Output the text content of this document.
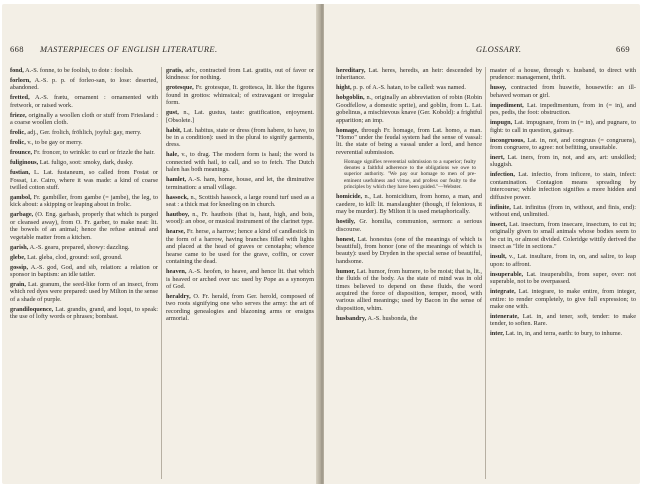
668 MASTERPIECES OF ENGLISH LITERATURE.
fond, A.-S. fonne, to be foolish, to dote : foolish.
forlorn, A.-S. p. p. of forleo-san, to lose: deserted, abandoned.
fretted, A.-S. frætu, ornament : ornamented with fretwork, or raised work.
frieze, originally a woollen cloth or stuff from Friesland : a coarse woollen cloth.
frolic, adj., Ger. frolich, fröhlich, joyful: gay, merry.
frolic, v., to be gay or merry.
frounce, Fr. froncer, to wrinkle: to curl or frizzle the hair.
fuliginous, Lat. fuligo, soot: smoky, dark, dusky.
fustian, L. Lat. fustaneum, so called from Fostat or Fossat, i.e. Cairo, where it was made: a kind of coarse twilled cotton stuff.
gambol, Fr. gambiller, from gambe (= jambe), the leg, to kick about: a skipping or leaping about in frolic.
garbage, (O. Eng. garbash, properly that which is purged or cleansed away), from O. Fr. garber, to make neat: lit. the bowels of an animal; hence the refuse animal and vegetable matter from a kitchen.
garish, A.-S. gearu, prepared, showy: dazzling.
glebe, Lat. gleba, clod, ground: soil, ground.
gossip, A.-S. god, God, and sib, relation: a relation or sponsor in baptism: an idle tattler.
grain, Lat. granum, the seed-like form of an insect, from which red dyes were prepared: used by Milton in the sense of a shade of purple.
grandiloquence, Lat. grandis, grand, and loqui, to speak: the use of lofty words or phrases; bombast.
gratis, adv., contracted from Lat. gratiis, out of favor or kindness: for nothing.
grotesque, Fr. grotesque, It. grottesca, lit. like the figures found in grottos: whimsical; of extravagant or irregular form.
gust, n., Lat. gustus, taste: gratification, enjoyment. [Obsolete.]
habit, Lat. habitus, state or dress (from habere, to have, to be in a condition): used in the plural to signify garments, dress.
hale, v., to drag. The modern form is haul; the word is connected with hail, to call, and so to fetch. The Dutch halen has both meanings.
hamlet, A.-S. ham, home, house, and let, the diminutive termination: a small village.
hassock, n., Scottish hassock, a large round turf used as a seat : a thick mat for kneeling on in church.
hautboy, n., Fr. hautbois (that is, haut, high, and bois, wood): an oboe, or musical instrument of the clarinet type.
hearse, Fr. herse, a harrow; hence a kind of candlestick in the form of a harrow, having branches filled with lights and placed at the head of graves or cenotaphs; whence hearse came to be used for the grave, coffin, or cover containing the dead.
heaven, A.-S. heofen, to heave, and hence lit. that which is heaved or arched over us: used by Pope as a synonym of God.
heraldry, O. Fr. herald, from Ger. herold, composed of two roots signifying one who serves the army: the art of recording genealogies and blazoning arms or ensigns armorial.
GLOSSARY.	669
hereditary, Lat. heres, heredis, an heir: descended by inheritance.
hight, p. p. of A.-S. hatan, to be called: was named.
hobgoblin, n., originally an abbreviation of robin (Robin Goodfellow, a domestic sprite), and goblin, from L. Lat. gobelinus, a mischievous knave (Ger. Kobold): a frightful apparition; an imp.
homage, through Fr. homage, from Lat. homo, a man. "Homo" under the feudal system had the sense of vassal: lit. the state of being a vassal under a lord, and hence reverential submission.
Homage signifies reverential submission to a superior; fealty denotes a faithful adherence to the obligations we owe to superior authority. "We pay our homage to men of pre-eminent usefulness and virtue, and profess our fealty to the principles by which they have been guided."—Webster.
homicide, n., Lat. homicidium, from homo, a man, and caedere, to kill: lit. manslaughter (though, if felonious, it may be murder). By Milton it is used metaphorically.
hostily, Gr. homilia, communion, sermon: a serious discourse.
honest, Lat. honestus (one of the meanings of which is beautiful), from honor (one of the meanings of which is beauty): used by Dryden in the special sense of beautiful, handsome.
humor, Lat. humor, from humere, to be moist; that is, lit., the fluids of the body. As the state of mind was in old times believed to depend on these fluids, the word acquired the force of disposition, temper, mood, with various allied meanings; used by Bacon in the sense of disposition, whim.
husbandry, A.-S. husbonda, the
master of a house, through v. husband, to direct with prudence: management, thrift.
hussy, contracted from huswife, housewife: an ill-behaved woman or girl.
impediment, Lat. impedimentum, from in (= in), and pes, pedis, the foot: obstruction.
impugn, Lat. impugnare, from in (= in), and pugnare, to fight: to call in question, gainsay.
incongruous, Lat. in, not, and congruus (= congruens), from congruere, to agree: not befitting, unsuitable.
inert, Lat. iners, from in, not, and ars, art: unskilled; sluggish.
infection, Lat. infectio, from inficere, to stain, infect: contamination. Contagion means spreading by intercourse; while infection signifies a more hidden and diffusive power.
infinite, Lat. infinitus (from in, without, and finis, end): without end, unlimited.
insect, Lat. insectum, from insecare, insectum, to cut in; originally given to small animals whose bodies seem to be cut in, or almost divided. Coleridge wittily derived the insect as "life in sections."
insult, v., Lat. insultare, from in, on, and salire, to leap upon: to affront.
insuperable, Lat. insuperabilis, from super, over: not superable, not to be overpassed.
integrate, Lat. integrare, to make entire, from integer, entire: to render completely, to give full expression; to make one with.
intenerate, Lat. in, and tener, soft, tender: to make tender, to soften. Rare.
inter, Lat. in, in, and terra, earth: to bury, to inhume.
